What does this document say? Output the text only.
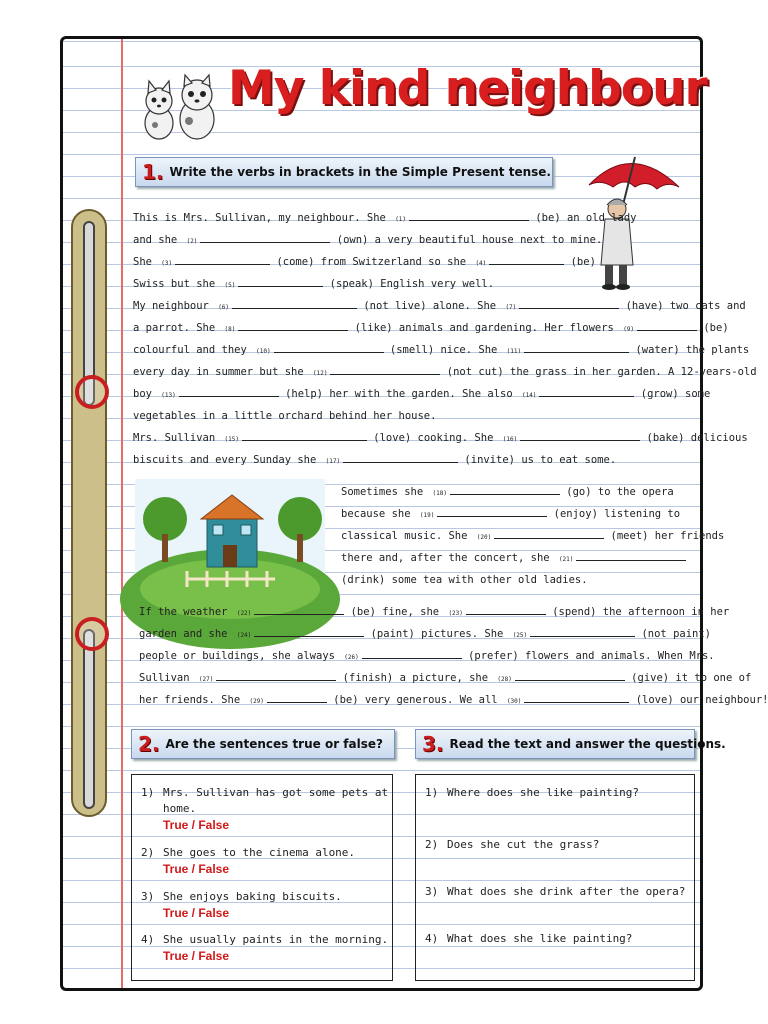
My kind neighbour
1. Write the verbs in brackets in the Simple Present tense.
This is Mrs. Sullivan, my neighbour. She (1)	(be) an old lady
and she (2)	(own) a very beautiful house next to mine.
She (3)	(come) from Switzerland so she (4)	(be)
Swiss but she (5)	(speak) English very well.
My neighbour (6)	(not live) alone. She (7)	(have) two cats and
a parrot. She (8)	(like) animals and gardening. Her flowers (9)	(be)
colourful and they (10)	(smell) nice. She (11)	(water) the plants
every day in summer but she (12)	(not cut) the grass in her garden. A 12-years-old
boy (13)	(help) her with the garden. She also (14)	(grow) some
vegetables in a little orchard behind her house.
Mrs. Sullivan (15)	(love) cooking. She (16)	(bake) delicious
biscuits and every Sunday she (17)	(invite) us to eat some.
Sometimes she (18)	(go) to the opera
because she (19)	(enjoy) listening to
classical music. She (20)	(meet) her friends
there and, after the concert, she (21)
(drink) some tea with other old ladies.
If the weather (22)	(be) fine, she (23)	(spend) the afternoon in her
garden and she (24)	(paint) pictures. She (25)	(not paint)
people or buildings, she always (26)	(prefer) flowers and animals. When Mrs.
Sullivan (27)	(finish) a picture, she (28)	(give) it to one of
her friends. She (29)	(be) very generous. We all (30)	(love) our neighbour!
2. Are the sentences true or false?
1) Mrs. Sullivan has got some pets at
home.
True / False
2) She goes to the cinema alone.
True / False
3) She enjoys baking biscuits.
True / False
4) She usually paints in the morning.
True / False
3. Read the text and answer the questions.
1) Where does she like painting?
2) Does she cut the grass?
3) What does she drink after the opera?
4) What does she like painting?
